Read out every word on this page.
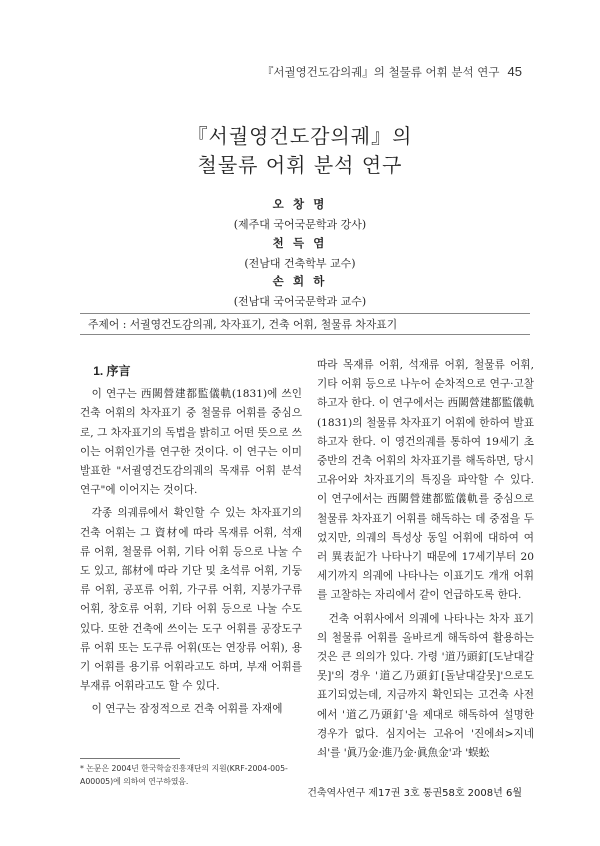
『서궐영건도감의궤』의 철물류 어휘 분석 연구 45
『서궐영건도감의궤』의
철물류 어휘 분석 연구
오 창 명
(제주대 국어국문학과 강사)
천 득 염
(전남대 건축학부 교수)
손 희 하
(전남대 국어국문학과 교수)
주제어 : 서궐영건도감의궤, 차자표기, 건축 어휘, 철물류 차자표기

1. 序言

이 연구는 西闕營建都監儀軌(1831)에 쓰인 건축 어휘의 차자표기 중 철물류 어휘를 중심으로, 그 차자표기의 독법을 밝히고 어떤 뜻으로 쓰이는 어휘인가를 연구한 것이다. 이 연구는 이미 발표한 "서궐영건도감의궤의 목재류 어휘 분석 연구"에 이어지는 것이다.

각종 의궤류에서 확인할 수 있는 차자표기의 건축 어휘는 그 資材에 따라 목재류 어휘, 석재류 어휘, 철물류 어휘, 기타 어휘 등으로 나눌 수도 있고, 部材에 따라 기단 및 초석류 어휘, 기둥류 어휘, 공포류 어휘, 가구류 어휘, 지붕가구류 어휘, 창호류 어휘, 기타 어휘 등으로 나눌 수도 있다. 또한 건축에 쓰이는 도구 어휘를 공장도구류 어휘 또는 도구류 어휘(또는 연장류 어휘), 용기 어휘를 용기류 어휘라고도 하며, 부재 어휘를 부재류 어휘라고도 할 수 있다.

이 연구는 잠정적으로 건축 어휘를 자재에

따라 목재류 어휘, 석재류 어휘, 철물류 어휘, 기타 어휘 등으로 나누어 순차적으로 연구·고찰하고자 한다. 이 연구에서는 西闕營建都監儀軌(1831)의 철물류 차자표기 어휘에 한하여 발표하고자 한다. 이 영건의궤를 통하여 19세기 초중반의 건축 어휘의 차자표기를 해독하면, 당시 고유어와 차자표기의 특징을 파악할 수 있다. 이 연구에서는 西闕營建都監儀軌를 중심으로 철물류 차자표기 어휘를 해독하는 데 중점을 두었지만, 의궤의 특성상 동일 어휘에 대하여 여러 異表記가 나타나기 때문에 17세기부터 20세기까지 의궤에 나타나는 이표기도 개개 어휘를 고찰하는 자리에서 같이 언급하도록 한다.

건축 어휘사에서 의궤에 나타나는 차자 표기의 철물류 어휘를 올바르게 해독하여 활용하는 것은 큰 의의가 있다. 가령 '道乃頭釘[도낟대갈못]'의 경우 '道乙乃頭釘[돌낟대갈못]'으로도 표기되었는데, 지금까지 확인되는 고건축 사전에서 '道乙乃頭釘'을 제대로 해독하여 설명한 경우가 없다. 심지어는 고유어 '진에쇠>지네쇠'를 '眞乃金·進乃金·眞魚金'과 '蜈蚣

* 논문은 2004년 한국학술진흥재단의 지원(KRF-2004-005-A00005)에 의하여 연구하였음.
건축역사연구 제17권 3호 통권58호 2008년 6월
